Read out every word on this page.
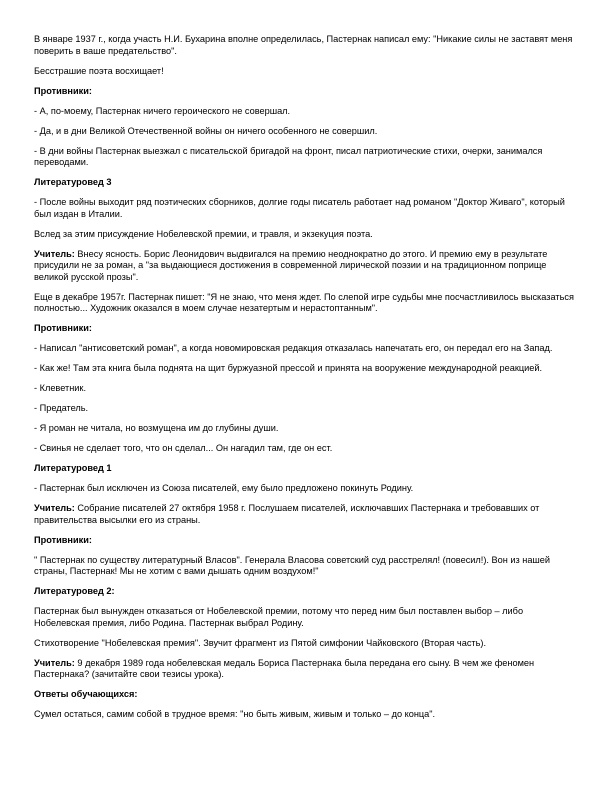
В январе 1937 г., когда участь Н.И. Бухарина вполне определилась, Пастернак написал ему: "Никакие силы не заставят меня поверить в ваше предательство".

Бесстрашие поэта восхищает!

Противники:

- А, по-моему, Пастернак ничего героического не совершал.

- Да, и в дни Великой Отечественной войны он ничего особенного не совершил.

- В дни войны Пастернак выезжал с писательской бригадой на фронт, писал патриотические стихи, очерки, занимался переводами.

Литературовед 3

- После войны выходит ряд поэтических сборников, долгие годы писатель работает над романом "Доктор Живаго", который был издан в Италии.

Вслед за этим присуждение Нобелевской премии, и травля, и экзекуция поэта.

Учитель: Внесу ясность. Борис Леонидович выдвигался на премию неоднократно до этого. И премию ему в результате присудили не за роман, а "за выдающиеся достижения в современной лирической поэзии и на традиционном поприще великой русской прозы".

Еще в декабре 1957г. Пастернак пишет: "Я не знаю, что меня ждет. По слепой игре судьбы мне посчастливилось высказаться полностью... Художник оказался в моем случае незатертым и нерастоптанным".

Противники:

- Написал "антисоветский роман", а когда новомировская редакция отказалась напечатать его, он передал его на Запад.

- Как же! Там эта книга была поднята на щит буржуазной прессой и принята на вооружение международной реакцией.

- Клеветник.

- Предатель.

- Я роман не читала, но возмущена им до глубины души.

- Свинья не сделает того, что он сделал... Он нагадил там, где он ест.

Литературовед 1

- Пастернак был исключен из Союза писателей, ему было предложено покинуть Родину.

Учитель: Собрание писателей 27 октября 1958 г. Послушаем писателей, исключавших Пастернака и требовавших от правительства высылки его из страны.

Противники:

" Пастернак по существу литературный Власов". Генерала Власова советский суд расстрелял! (повесил!). Вон из нашей страны, Пастернак! Мы не хотим с вами дышать одним воздухом!"

Литературовед 2:

Пастернак был вынужден отказаться от Нобелевской премии, потому что перед ним был поставлен выбор – либо Нобелевская премия, либо Родина. Пастернак выбрал Родину.

Стихотворение "Нобелевская премия". Звучит фрагмент из Пятой симфонии Чайковского (Вторая часть).

Учитель: 9 декабря 1989 года нобелевская медаль Бориса Пастернака была передана его сыну. В чем же феномен Пастернака? (зачитайте свои тезисы урока).

Ответы обучающихся:

Сумел остаться, самим собой в трудное время: "но быть живым, живым и только – до конца".
